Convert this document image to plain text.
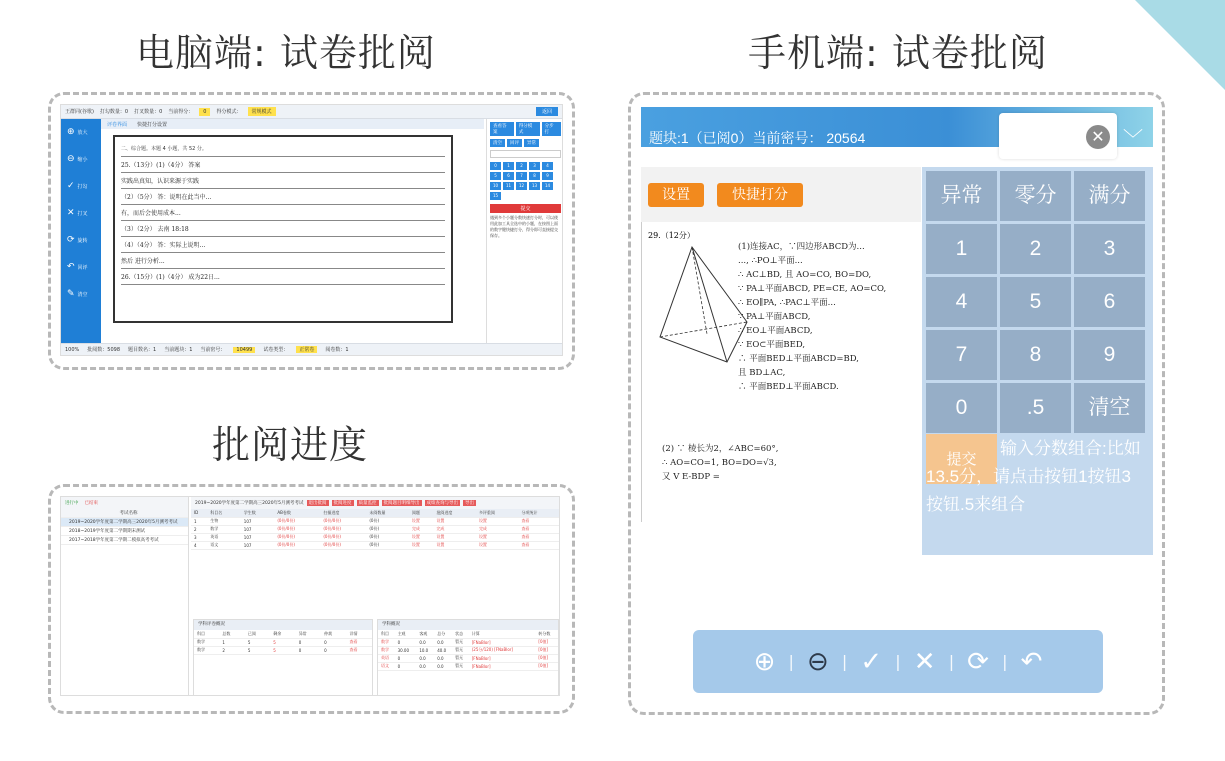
电脑端: 试卷批阅	手机端: 试卷批阅
批阅进度
王群同(谷歌) 打勾数量：0 打叉数量：0 当前得分：	0	得分模式：	常规模式	返回
⊕ 放大
⊖ 缩小
✓ 打勾
✕ 打叉
⟳ 旋转
↶ 回评
✎ 清空
评卷界面 快捷打分设置
二、综合题。本题 4 小题，共 52 分。
25.（13分）(1)（4分） 答案
实践出真知，认识来源于实践
（2）（5分） 答：说明在此当中...
有，而后会使用成本...
（3）（2分） 去南 18:18
（4）（4分） 答：实际上说明...
然后 进行分析...
26.（15分）(1)（4分） 成为22日...
查看答案
得分模式
分步打
清空	回评	异常
0	1	2	3	4
5	6	7	8	9
10	11	12	13	14
15
提交
遇到多个小题分数快速打分时，可以使用此加工具全选中的小题，在按图上面的数字键快捷打分，得分即可直接提交保存。
100% 批阅数：5098 题目数名：1 当前题块：1 当前密号：	10499	试卷类型：	正常卷	阅卷数：1
进行中 已结束
考试名称
2019~2020学年度第二学期高三2020年5月测考考试
2018~2019学年度第二学期期末测试
2017~2018学年度第二学期二模拟高考考试
2019~2020学年度第二学期高三2020年5月测考考试	退出批阅	批阅进度	质量监控	批阅题目明细导出	成绩查询与导出	导出
ID	科目名	学生数	AB卷数	扫描进度	未阅数量	阅题	批阅进度	多评重阅	分项统计
1	生物	107	(0份/0份)	(0份/0份)	(0份)	设置	设置	设置	查看
2	数学	107	(0份/0份)	(0份/0份)	(0份)	完成	完成	完成	查看
3	英语	107	(0份/0份)	(0份/0份)	(0份)	设置	设置	设置	查看
4	语文	107	(0份/0份)	(0份/0份)	(0份)	设置	设置	设置	查看
学科评卷概况
科目	总数	已阅	剩余	异常	仲裁	详情
数学	1	5	5	0	0	查看
数学	2	5	5	0	0	查看
学科概况
科目	主观	客观	总分	状态	计算	转分数
数学	0	0.0	0.0	暂无	[FNaBlor]	[0值]
数学	30.00	10.0	40.0	暂无	(25分/120) [FNaBlor]	[0值]
英语	0	0.0	0.0	暂无	[FNaBlor]	[0值]
语文	0	0.0	0.0	暂无	[FNaBlor]	[0值]
题块:1（已阅0）当前密号： 20564	✕ ﹀
设置	快捷打分
29.（12分）
(1)连接AC，∵四边形ABCD为...
..., ∴PO⊥平面...
∴ AC⊥BD, 且 AO=CO, BO=DO,
∵ PA⊥平面ABCD, PE=CE, AO=CO,
∴ EO∥PA, ∴PAC⊥平面...
∵ PA⊥平面ABCD,
∴ EO⊥平面ABCD,
∵ EO⊂平面BED,
∴ 平面BED⊥平面ABCD=BD,
且 BD⊥AC,
∴ 平面BED⊥平面ABCD.
(2) ∵ 棱长为2，∠ABC=60°,
∴ AO=CO=1, BO=DO=√3,
又 V E-BDP =
异常	零分	满分
1	2	3
4	5	6
7	8	9
0	.5	清空
提交
输入分数组合:比如13.5分，请点击按钮1按钮3按钮.5来组合
⊕ | ⊖ | ✓ | ✕ | ⟳ | ↶
